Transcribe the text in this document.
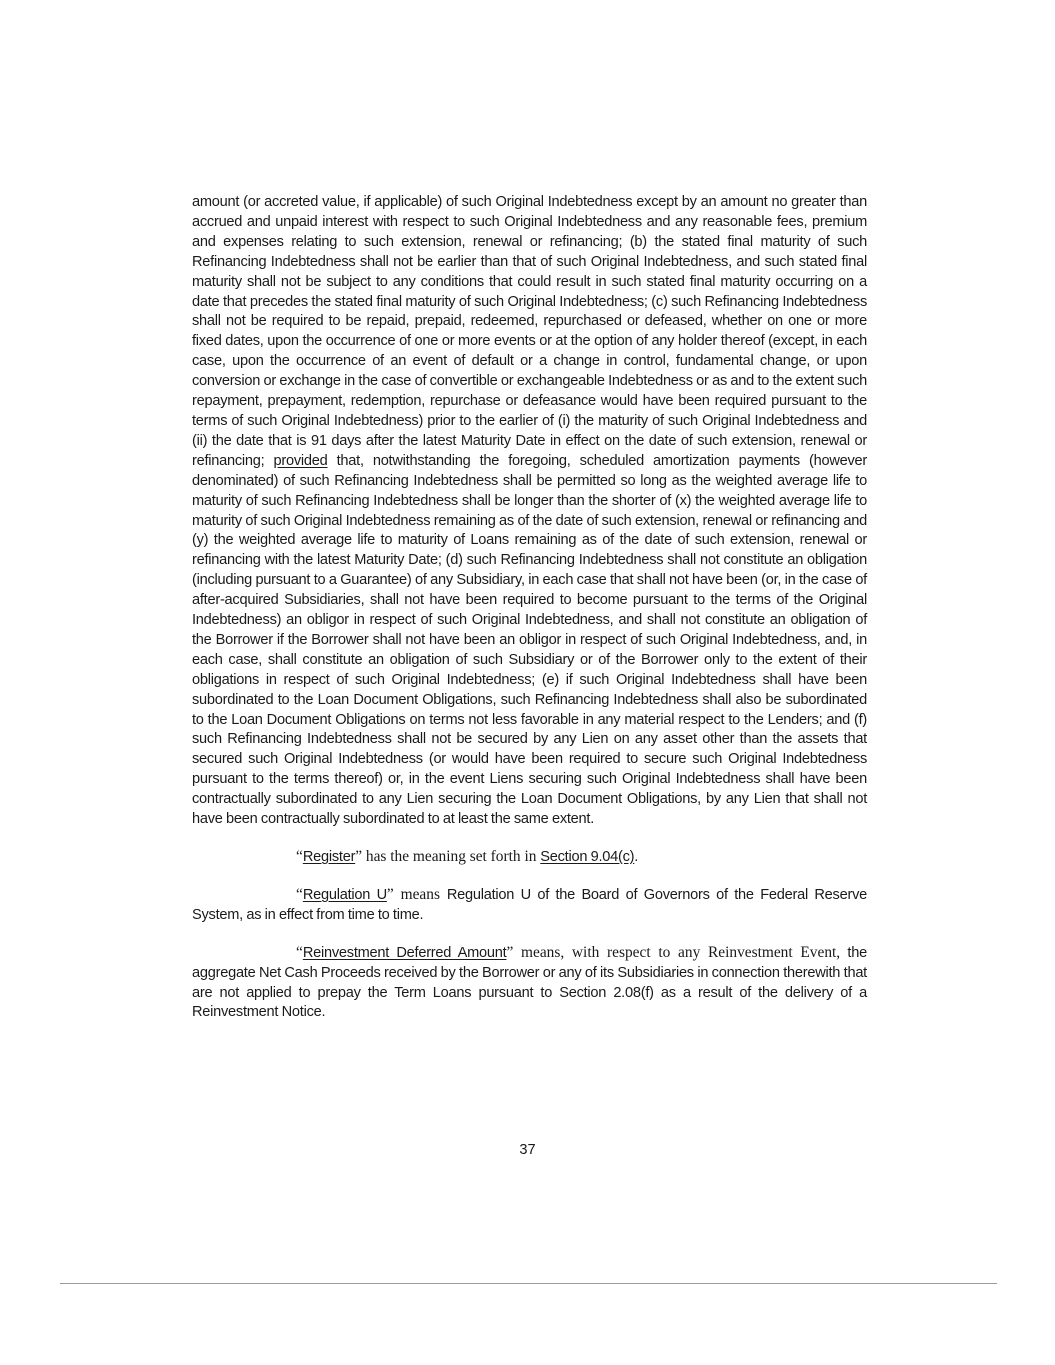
amount (or accreted value, if applicable) of such Original Indebtedness except by an amount no greater than accrued and unpaid interest with respect to such Original Indebtedness and any reasonable fees, premium and expenses relating to such extension, renewal or refinancing; (b) the stated final maturity of such Refinancing Indebtedness shall not be earlier than that of such Original Indebtedness, and such stated final maturity shall not be subject to any conditions that could result in such stated final maturity occurring on a date that precedes the stated final maturity of such Original Indebtedness; (c) such Refinancing Indebtedness shall not be required to be repaid, prepaid, redeemed, repurchased or defeased, whether on one or more fixed dates, upon the occurrence of one or more events or at the option of any holder thereof (except, in each case, upon the occurrence of an event of default or a change in control, fundamental change, or upon conversion or exchange in the case of convertible or exchangeable Indebtedness or as and to the extent such repayment, prepayment, redemption, repurchase or defeasance would have been required pursuant to the terms of such Original Indebtedness) prior to the earlier of (i) the maturity of such Original Indebtedness and (ii) the date that is 91 days after the latest Maturity Date in effect on the date of such extension, renewal or refinancing; provided that, notwithstanding the foregoing, scheduled amortization payments (however denominated) of such Refinancing Indebtedness shall be permitted so long as the weighted average life to maturity of such Refinancing Indebtedness shall be longer than the shorter of (x) the weighted average life to maturity of such Original Indebtedness remaining as of the date of such extension, renewal or refinancing and (y) the weighted average life to maturity of Loans remaining as of the date of such extension, renewal or refinancing with the latest Maturity Date; (d) such Refinancing Indebtedness shall not constitute an obligation (including pursuant to a Guarantee) of any Subsidiary, in each case that shall not have been (or, in the case of after-acquired Subsidiaries, shall not have been required to become pursuant to the terms of the Original Indebtedness) an obligor in respect of such Original Indebtedness, and shall not constitute an obligation of the Borrower if the Borrower shall not have been an obligor in respect of such Original Indebtedness, and, in each case, shall constitute an obligation of such Subsidiary or of the Borrower only to the extent of their obligations in respect of such Original Indebtedness; (e) if such Original Indebtedness shall have been subordinated to the Loan Document Obligations, such Refinancing Indebtedness shall also be subordinated to the Loan Document Obligations on terms not less favorable in any material respect to the Lenders; and (f) such Refinancing Indebtedness shall not be secured by any Lien on any asset other than the assets that secured such Original Indebtedness (or would have been required to secure such Original Indebtedness pursuant to the terms thereof) or, in the event Liens securing such Original Indebtedness shall have been contractually subordinated to any Lien securing the Loan Document Obligations, by any Lien that shall not have been contractually subordinated to at least the same extent.

“Register” has the meaning set forth in Section 9.04(c).

“Regulation U” means Regulation U of the Board of Governors of the Federal Reserve System, as in effect from time to time.

“Reinvestment Deferred Amount” means, with respect to any Reinvestment Event, the aggregate Net Cash Proceeds received by the Borrower or any of its Subsidiaries in connection therewith that are not applied to prepay the Term Loans pursuant to Section 2.08(f) as a result of the delivery of a Reinvestment Notice.

37
